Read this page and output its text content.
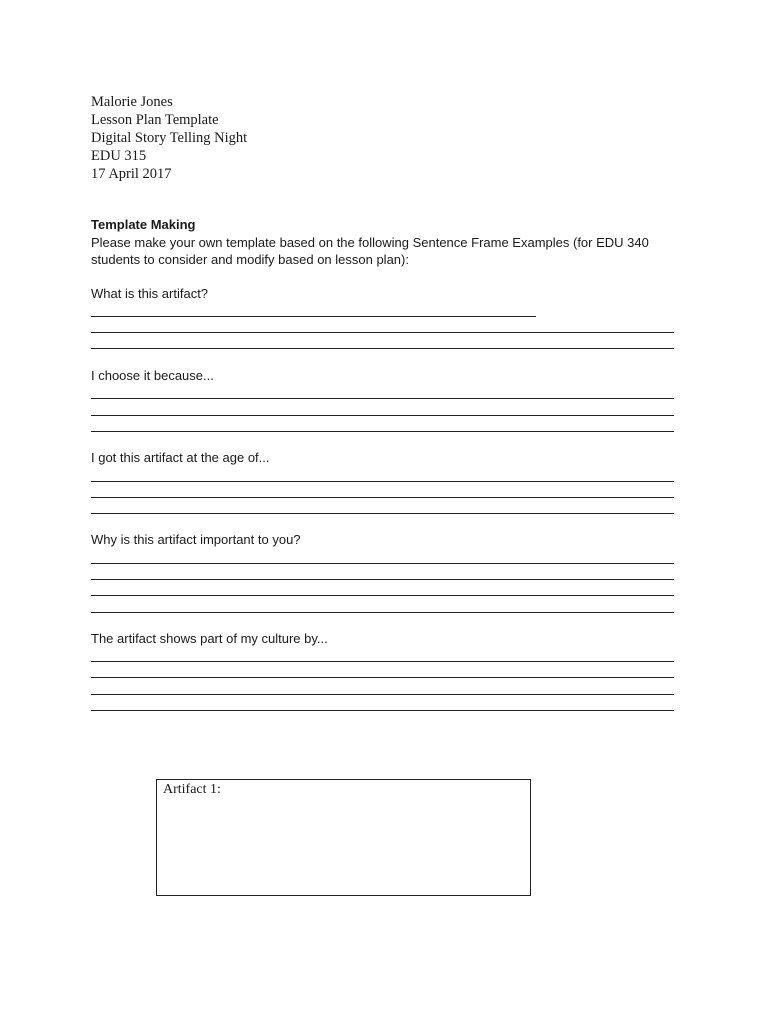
Malorie Jones
Lesson Plan Template
Digital Story Telling Night
EDU 315
17 April 2017
Template Making
Please make your own template based on the following Sentence Frame Examples (for EDU 340 students to consider and modify based on lesson plan):
What is this artifact?
I choose it because...
I got this artifact at the age of...
Why is this artifact important to you?
The artifact shows part of my culture by...
Artifact 1:
